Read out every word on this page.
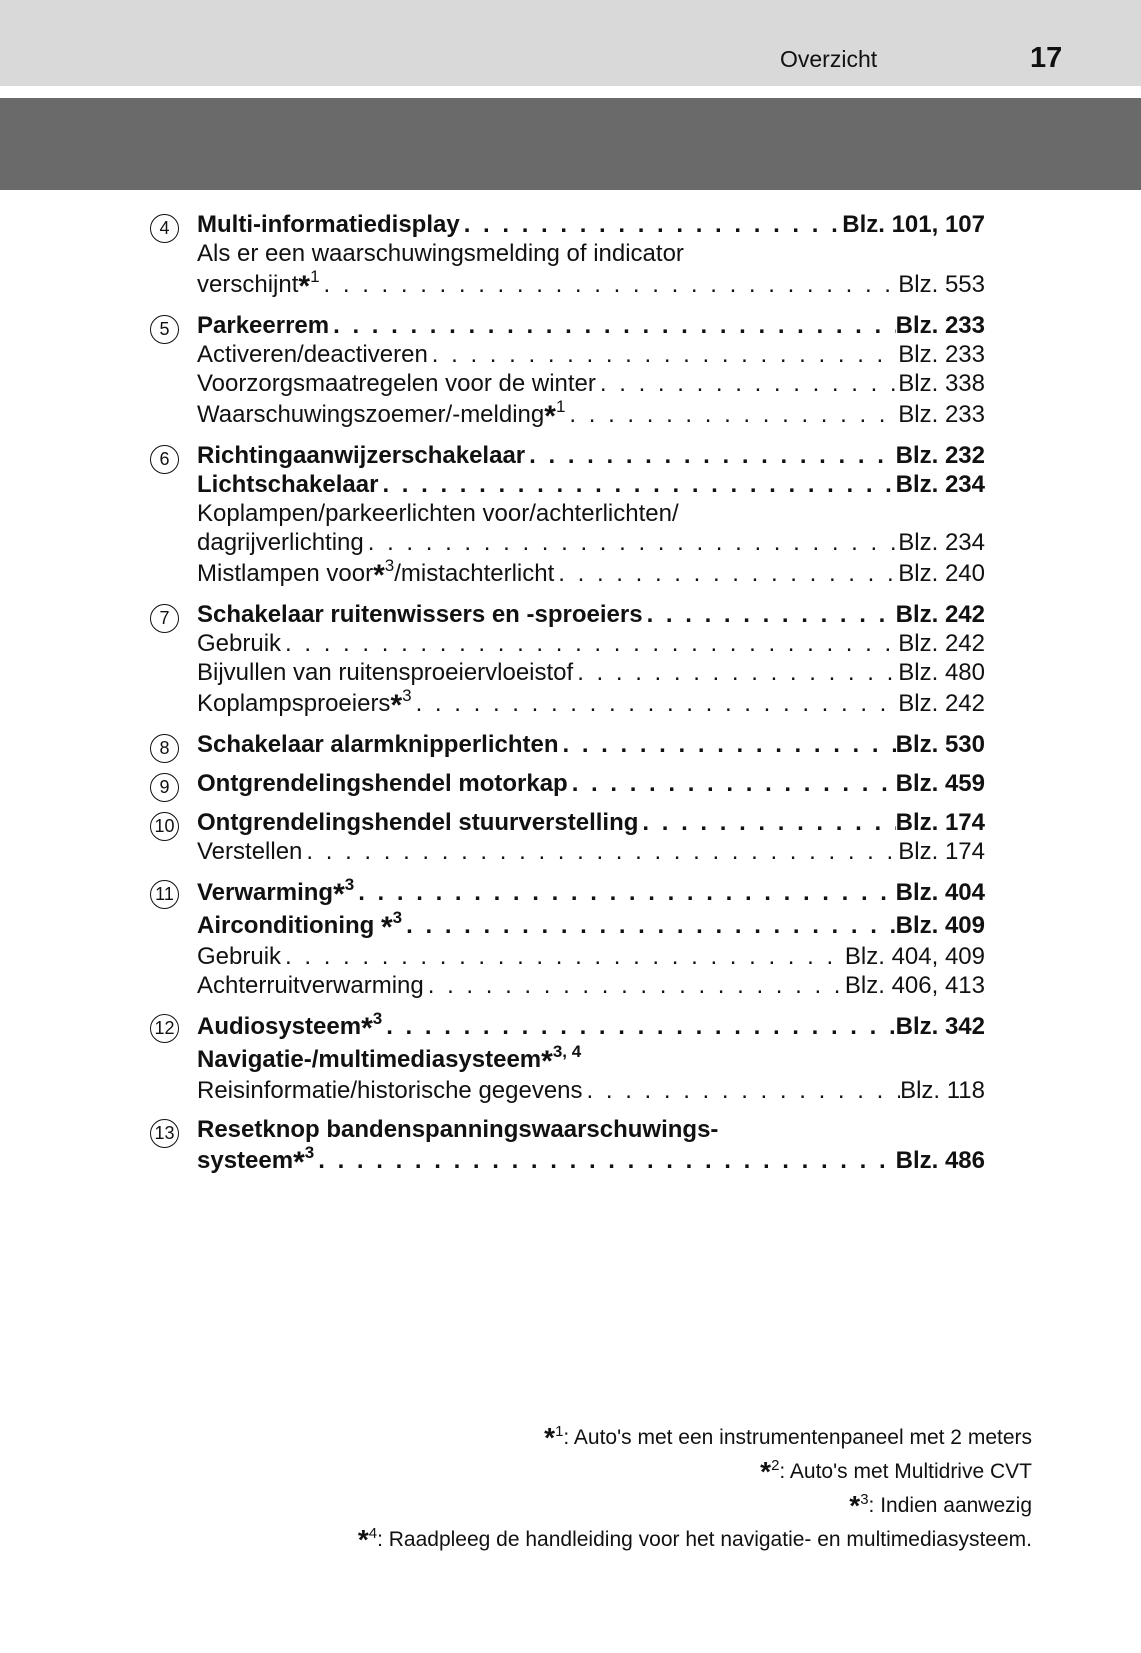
Overzicht	17
4	Multi-informatiedisplay . . .	Blz. 101, 107
Als er een waarschuwingsmelding of indicator
verschijnt*$^1$ . . .	Blz. 553
5	Parkeerrem . . .	Blz. 233
Activeren/deactiveren . . .	Blz. 233
Voorzorgsmaatregelen voor de winter . . .	Blz. 338
Waarschuwingszoemer/-melding*$^1$ . . .	Blz. 233
6	Richtingaanwijzerschakelaar . . .	Blz. 232
Lichtschakelaar . . .	Blz. 234
Koplampen/parkeerlichten voor/achterlichten/
dagrijverlichting . . .	Blz. 234
Mistlampen voor*$^3$/mistachterlicht . . .	Blz. 240
7	Schakelaar ruitenwissers en -sproeiers . . .	Blz. 242
Gebruik . . .	Blz. 242
Bijvullen van ruitensproeiervloeistof . . .	Blz. 480
Koplampsproeiers*$^3$ . . .	Blz. 242
8	Schakelaar alarmknipperlichten . . .	Blz. 530
9	Ontgrendelingshendel motorkap . . .	Blz. 459
10 Ontgrendelingshendel stuurverstelling . . .	Blz. 174
Verstellen . . .	Blz. 174
11 Verwarming*$^3$ . . .	Blz. 404
Airconditioning *$^3$ . . .	Blz. 409
Gebruik . . .	Blz. 404, 409
Achterruitverwarming . . .	Blz. 406, 413
12 Audiosysteem*$^3$ . . .	Blz. 342
Navigatie-/multimediasysteem*$^{3, 4}$
Reisinformatie/historische gegevens . . .	Blz. 118
13 Resetknop bandenspanningswaarschuwings-
systeem*$^3$ . . .	Blz. 486
*$^1$: Auto's met een instrumentenpaneel met 2 meters
*$^2$: Auto's met Multidrive CVT
*$^3$: Indien aanwezig
*$^4$: Raadpleeg de handleiding voor het navigatie- en multimediasysteem.
